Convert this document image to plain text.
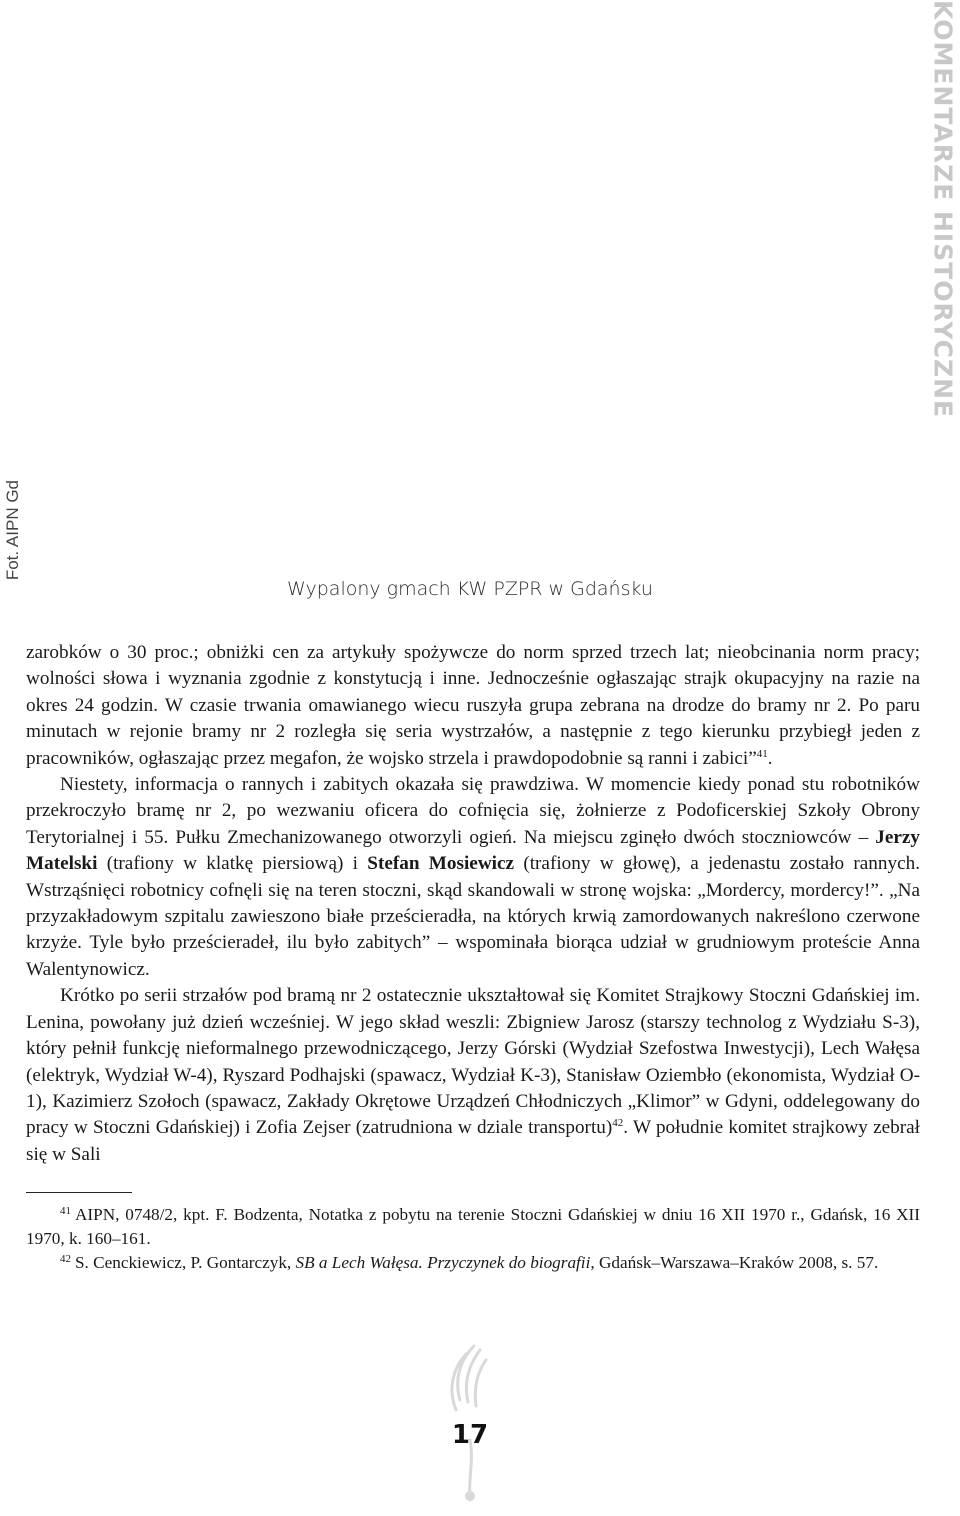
KOMENTARZE HISTORYCZNE
Fot. AIPN Gd
Wypalony gmach KW PZPR w Gdańsku

zarobków o 30 proc.; obniżki cen za artykuły spożywcze do norm sprzed trzech lat; nieobcinania norm pracy; wolności słowa i wyznania zgodnie z konstytucją i inne. Jednocześnie ogłaszając strajk okupacyjny na razie na okres 24 godzin. W czasie trwania omawianego wiecu ruszyła grupa zebrana na drodze do bramy nr 2. Po paru minutach w rejonie bramy nr 2 rozległa się seria wystrzałów, a następnie z tego kierunku przybiegł jeden z pracowników, ogłaszając przez megafon, że wojsko strzela i prawdopodobnie są ranni i zabici”$^{41}$.

Niestety, informacja o rannych i zabitych okazała się prawdziwa. W momencie kiedy ponad stu robotników przekroczyło bramę nr 2, po wezwaniu oficera do cofnięcia się, żołnierze z Podoficerskiej Szkoły Obrony Terytorialnej i 55. Pułku Zmechanizowanego otworzyli ogień. Na miejscu zginęło dwóch stoczniowców – Jerzy Matelski (trafiony w klatkę piersiową) i Stefan Mosiewicz (trafiony w głowę), a jedenastu zostało rannych. Wstrząśnięci robotnicy cofnęli się na teren stoczni, skąd skandowali w stronę wojska: „Mordercy, mordercy!”. „Na przyzakładowym szpitalu zawieszono białe prześcieradła, na których krwią zamordowanych nakreślono czerwone krzyże. Tyle było prześcieradeł, ilu było zabitych” – wspominała biorąca udział w grudniowym proteście Anna Walentynowicz.

Krótko po serii strzałów pod bramą nr 2 ostatecznie ukształtował się Komitet Strajkowy Stoczni Gdańskiej im. Lenina, powołany już dzień wcześniej. W jego skład weszli: Zbigniew Jarosz (starszy technolog z Wydziału S-3), który pełnił funkcję nieformalnego przewodniczącego, Jerzy Górski (Wydział Szefostwa Inwestycji), Lech Wałęsa (elektryk, Wydział W-4), Ryszard Podhajski (spawacz, Wydział K-3), Stanisław Oziembło (ekonomista, Wydział O-1), Kazimierz Szołoch (spawacz, Zakłady Okrętowe Urządzeń Chłodniczych „Klimor” w Gdyni, oddelegowany do pracy w Stoczni Gdańskiej) i Zofia Zejser (zatrudniona w dziale transportu)$^{42}$. W południe komitet strajkowy zebrał się w Sali

$^{41}$ AIPN, 0748/2, kpt. F. Bodzenta, Notatka z pobytu na terenie Stoczni Gdańskiej w dniu 16 XII 1970 r., Gdańsk, 16 XII 1970, k. 160–161.

$^{42}$ S. Cenckiewicz, P. Gontarczyk, SB a Lech Wałęsa. Przyczynek do biografii, Gdańsk–Warszawa–Kraków 2008, s. 57.

17
